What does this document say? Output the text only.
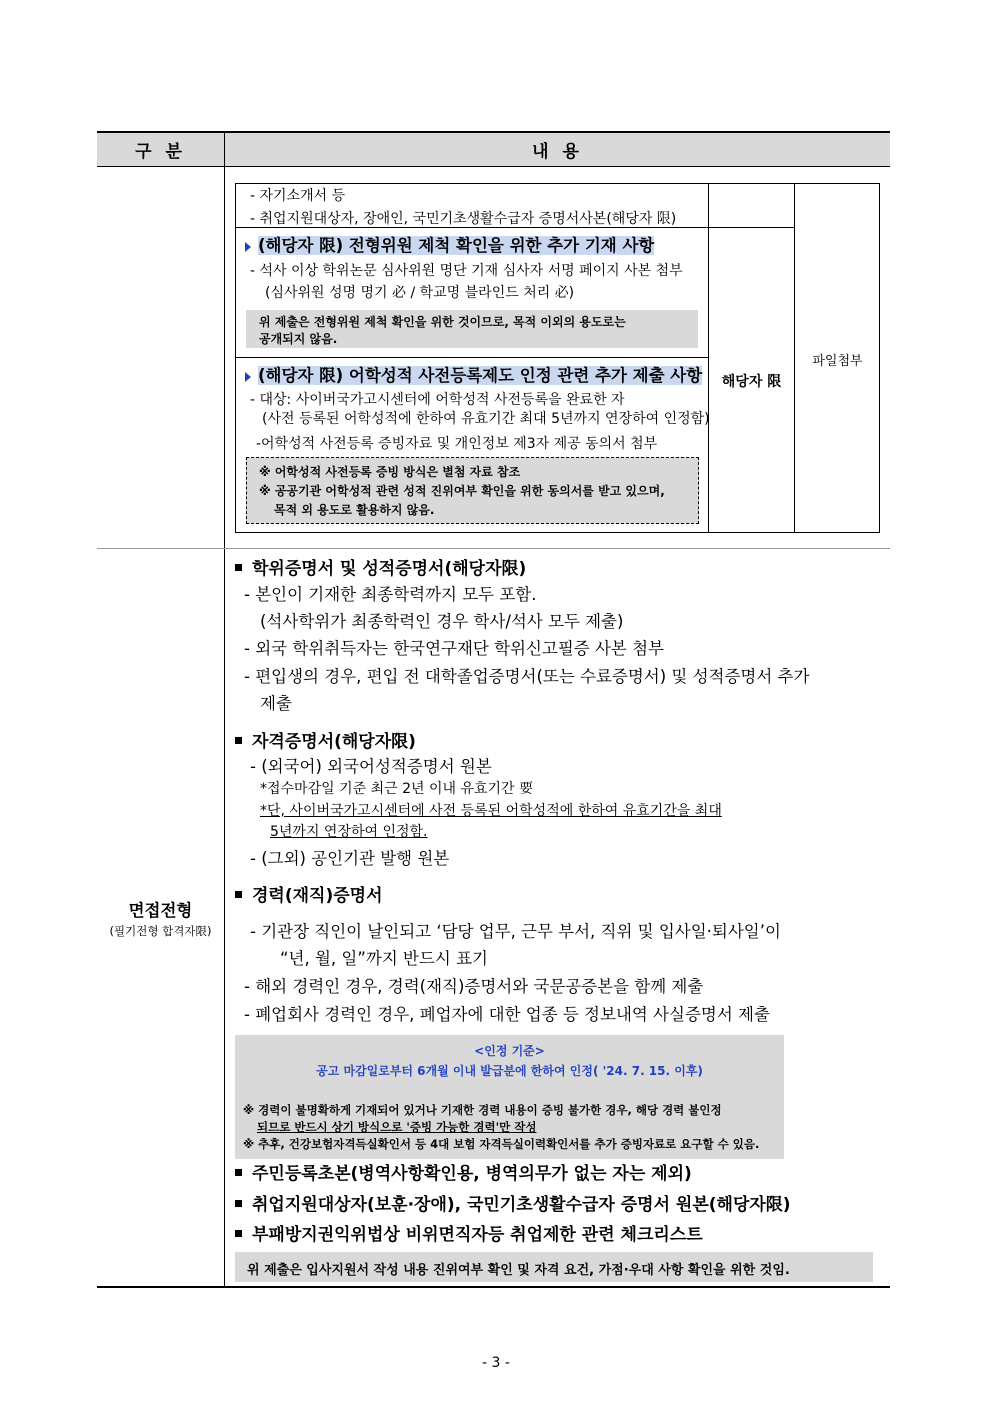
구 분	내 용
- 자기소개서 등
- 취업지원대상자, 장애인, 국민기초생활수급자 증명서사본(해당자 限)
(해당자 限) 전형위원 제척 확인을 위한 추가 기재 사항
- 석사 이상 학위논문 심사위원 명단 기재 심사자 서명 페이지 사본 첨부
(심사위원 성명 명기 必 / 학교명 블라인드 처리 必)
위 제출은 전형위원 제척 확인을 위한 것이므로, 목적 이외의 용도로는
공개되지 않음.
(해당자 限) 어학성적 사전등록제도 인정 관련 추가 제출 사항
- 대상: 사이버국가고시센터에 어학성적 사전등록을 완료한 자
(사전 등록된 어학성적에 한하여 유효기간 최대 5년까지 연장하여 인정함)
-어학성적 사전등록 증빙자료 및 개인정보 제3자 제공 동의서 첨부
※ 어학성적 사전등록 증빙 방식은 별첨 자료 참조
※ 공공기관 어학성적 관련 성적 진위여부 확인을 위한 동의서를 받고 있으며,
목적 외 용도로 활용하지 않음.
해당자 限
파일첨부
면접전형
(필기전형 합격자限)
학위증명서 및 성적증명서(해당자限)
- 본인이 기재한 최종학력까지 모두 포함.
(석사학위가 최종학력인 경우 학사/석사 모두 제출)
- 외국 학위취득자는 한국연구재단 학위신고필증 사본 첨부
- 편입생의 경우, 편입 전 대학졸업증명서(또는 수료증명서) 및 성적증명서 추가
제출
자격증명서(해당자限)
- (외국어) 외국어성적증명서 원본
*접수마감일 기준 최근 2년 이내 유효기간 要
*단, 사이버국가고시센터에 사전 등록된 어학성적에 한하여 유효기간을 최대
5년까지 연장하여 인정함.
- (그외) 공인기관 발행 원본
경력(재직)증명서
- 기관장 직인이 날인되고 ‘담당 업무, 근무 부서, 직위 및 입사일·퇴사일’이
“년, 월, 일”까지 반드시 표기
- 해외 경력인 경우, 경력(재직)증명서와 국문공증본을 함께 제출
- 폐업회사 경력인 경우, 폐업자에 대한 업종 등 정보내역 사실증명서 제출
<인정 기준>
공고 마감일로부터 6개월 이내 발급분에 한하여 인정( '24. 7. 15. 이후)
※ 경력이 불명확하게 기재되어 있거나 기재한 경력 내용이 증빙 불가한 경우, 해당 경력 불인정
되므로 반드시 상기 방식으로 '증빙 가능한 경력'만 작성
※ 추후, 건강보험자격득실확인서 등 4대 보험 자격득실이력확인서를 추가 증빙자료로 요구할 수 있음.
주민등록초본(병역사항확인용, 병역의무가 없는 자는 제외)
취업지원대상자(보훈·장애), 국민기초생활수급자 증명서 원본(해당자限)
부패방지권익위법상 비위면직자등 취업제한 관련 체크리스트
위 제출은 입사지원서 작성 내용 진위여부 확인 및 자격 요건, 가점·우대 사항 확인을 위한 것임.
- 3 -
